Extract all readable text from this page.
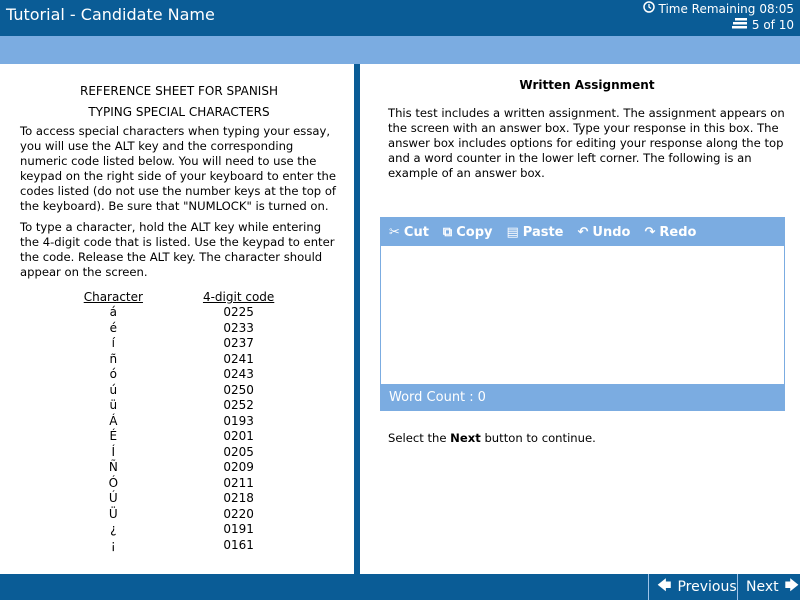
Tutorial - Candidate Name	Time Remaining 08:05
5 of 10
REFERENCE SHEET FOR SPANISH
TYPING SPECIAL CHARACTERS

To access special characters when typing your essay, you will use the ALT key and the corresponding numeric code listed below. You will need to use the keypad on the right side of your keyboard to enter the codes listed (do not use the number keys at the top of the keyboard). Be sure that "NUMLOCK" is turned on.

To type a character, hold the ALT key while entering the 4-digit code that is listed. Use the keypad to enter the code. Release the ALT key. The character should appear on the screen.

Character	4-digit code
á	0225
é	0233
í	0237
ñ	0241
ó	0243
ú	0250
ü	0252
Á	0193
É	0201
Í	0205
Ñ	0209
Ó	0211
Ú	0218
Ü	0220
¿	0191
¡	0161
Written Assignment

This test includes a written assignment. The assignment appears on the screen with an answer box. Type your response in this box. The answer box includes options for editing your response along the top and a word counter in the lower left corner. The following is an example of an answer box.

✂ Cut ⧉ Copy ▤ Paste ↶ Undo ↷ Redo
Word Count : 0
Select the Next button to continue.
🡄 Previous Next 🡆
